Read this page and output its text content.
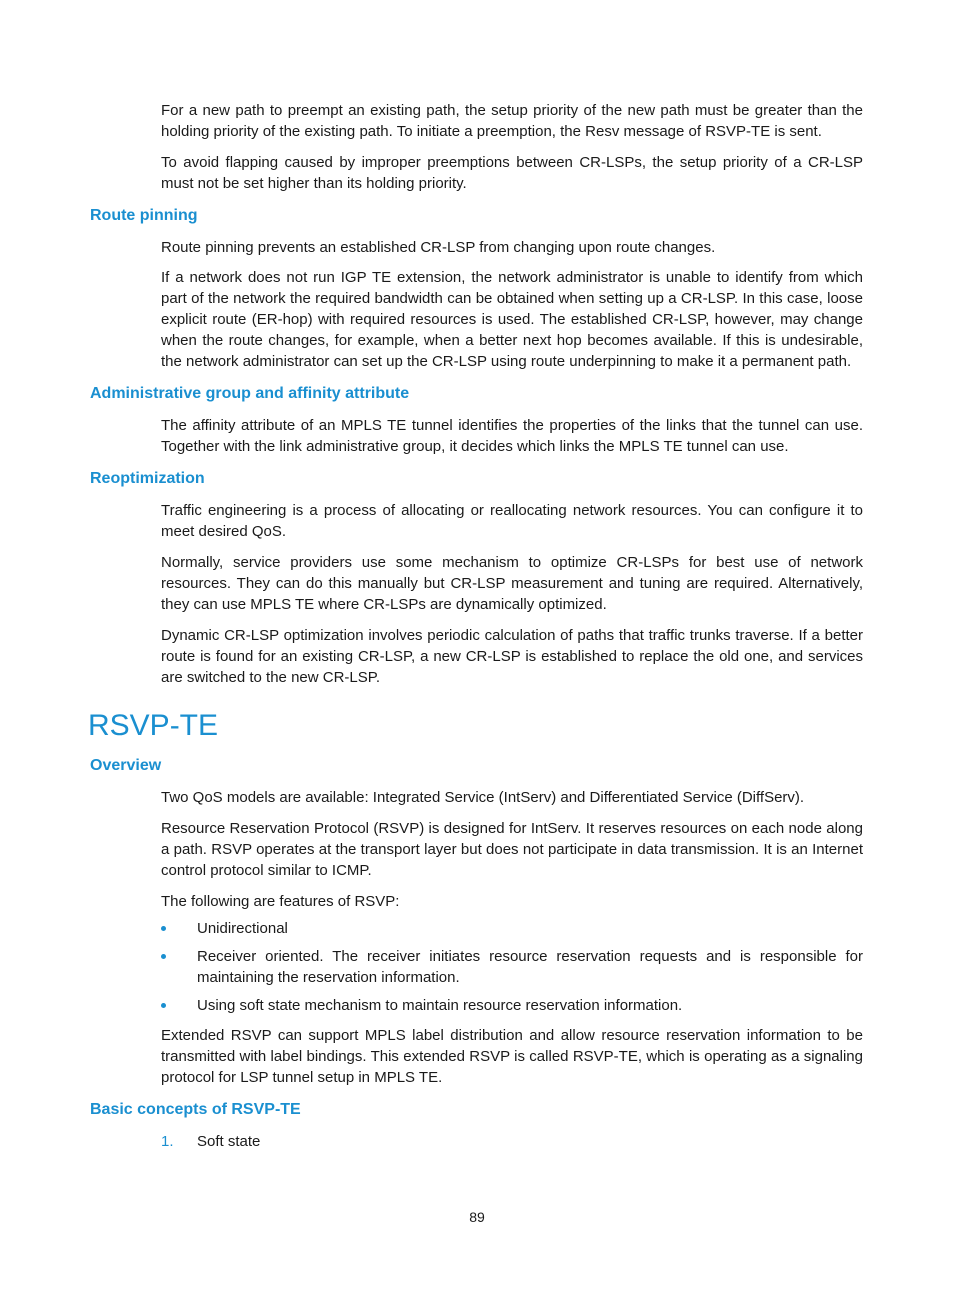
For a new path to preempt an existing path, the setup priority of the new path must be greater than the holding priority of the existing path. To initiate a preemption, the Resv message of RSVP-TE is sent.

To avoid flapping caused by improper preemptions between CR-LSPs, the setup priority of a CR-LSP must not be set higher than its holding priority.

Route pinning

Route pinning prevents an established CR-LSP from changing upon route changes.

If a network does not run IGP TE extension, the network administrator is unable to identify from which part of the network the required bandwidth can be obtained when setting up a CR-LSP. In this case, loose explicit route (ER-hop) with required resources is used. The established CR-LSP, however, may change when the route changes, for example, when a better next hop becomes available. If this is undesirable, the network administrator can set up the CR-LSP using route underpinning to make it a permanent path.

Administrative group and affinity attribute

The affinity attribute of an MPLS TE tunnel identifies the properties of the links that the tunnel can use. Together with the link administrative group, it decides which links the MPLS TE tunnel can use.

Reoptimization

Traffic engineering is a process of allocating or reallocating network resources. You can configure it to meet desired QoS.

Normally, service providers use some mechanism to optimize CR-LSPs for best use of network resources. They can do this manually but CR-LSP measurement and tuning are required. Alternatively, they can use MPLS TE where CR-LSPs are dynamically optimized.

Dynamic CR-LSP optimization involves periodic calculation of paths that traffic trunks traverse. If a better route is found for an existing CR-LSP, a new CR-LSP is established to replace the old one, and services are switched to the new CR-LSP.

RSVP-TE
Overview

Two QoS models are available: Integrated Service (IntServ) and Differentiated Service (DiffServ).

Resource Reservation Protocol (RSVP) is designed for IntServ. It reserves resources on each node along a path. RSVP operates at the transport layer but does not participate in data transmission. It is an Internet control protocol similar to ICMP.

The following are features of RSVP:

Unidirectional
Receiver oriented. The receiver initiates resource reservation requests and is responsible for maintaining the reservation information.
Using soft state mechanism to maintain resource reservation information.

Extended RSVP can support MPLS label distribution and allow resource reservation information to be transmitted with label bindings. This extended RSVP is called RSVP-TE, which is operating as a signaling protocol for LSP tunnel setup in MPLS TE.

Basic concepts of RSVP-TE
1. Soft state
89
